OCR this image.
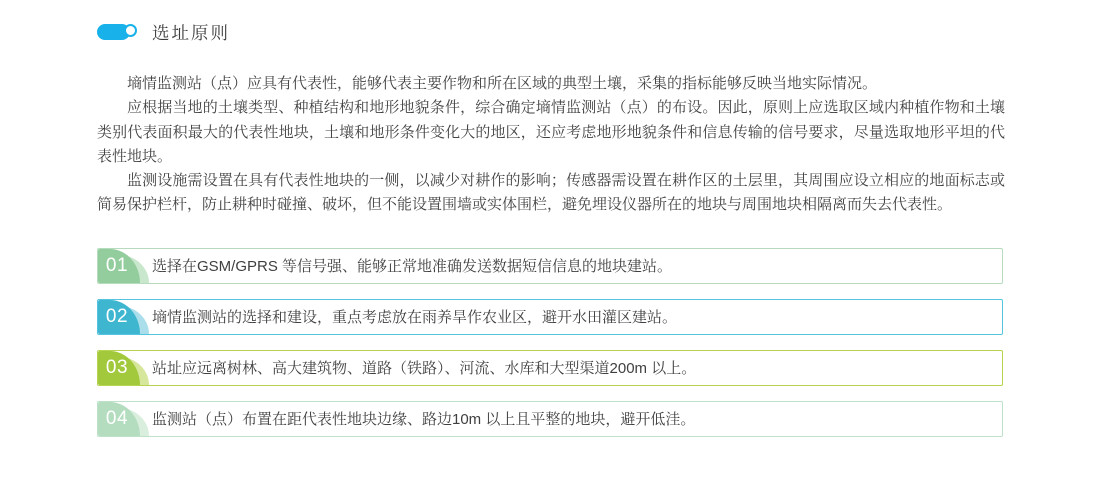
选址原则

墒情监测站（点）应具有代表性，能够代表主要作物和所在区域的典型土壤，采集的指标能够反映当地实际情况。

应根据当地的土壤类型、种植结构和地形地貌条件，综合确定墒情监测站（点）的布设。因此，原则上应选取区域内种植作物和土壤类别代表面积最大的代表性地块，土壤和地形条件变化大的地区，还应考虑地形地貌条件和信息传输的信号要求，尽量选取地形平坦的代表性地块。

监测设施需设置在具有代表性地块的一侧，以减少对耕作的影响；传感器需设置在耕作区的土层里，其周围应设立相应的地面标志或简易保护栏杆，防止耕种时碰撞、破坏，但不能设置围墙或实体围栏，避免埋设仪器所在的地块与周围地块相隔离而失去代表性。

01	选择在GSM/GPRS 等信号强、能够正常地准确发送数据短信信息的地块建站。
02	墒情监测站的选择和建设，重点考虑放在雨养旱作农业区，避开水田灌区建站。
03	站址应远离树林、高大建筑物、道路（铁路）、河流、水库和大型渠道200m 以上。
04	监测站（点）布置在距代表性地块边缘、路边10m 以上且平整的地块，避开低洼。
